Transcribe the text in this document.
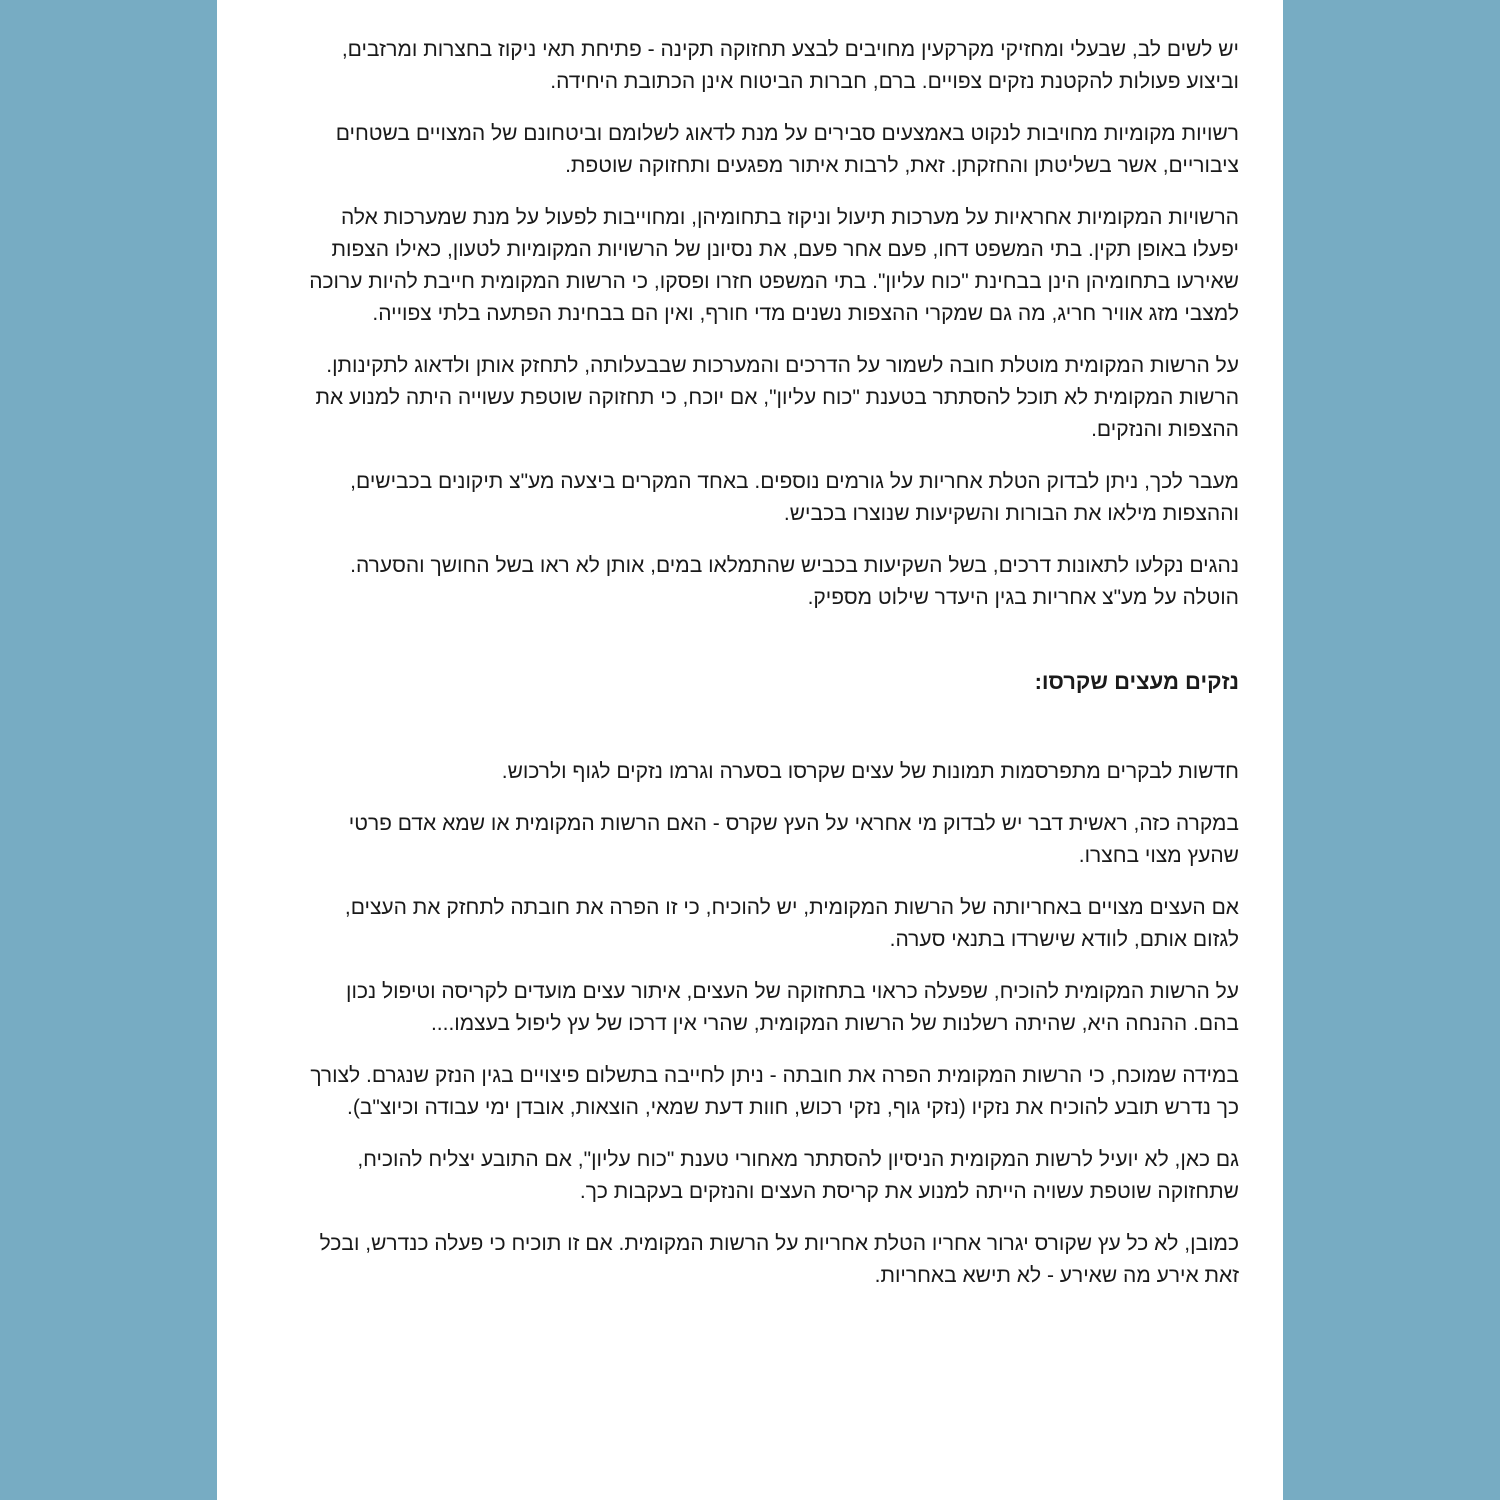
יש לשים לב, שבעלי ומחזיקי מקרקעין מחויבים לבצע תחזוקה תקינה - פתיחת תאי ניקוז בחצרות ומרזבים, וביצוע פעולות להקטנת נזקים צפויים. ברם, חברות הביטוח אינן הכתובת היחידה.

רשויות מקומיות מחויבות לנקוט באמצעים סבירים על מנת לדאוג לשלומם וביטחונם של המצויים בשטחים ציבוריים, אשר בשליטתן והחזקתן. זאת, לרבות איתור מפגעים ותחזוקה שוטפת.

הרשויות המקומיות אחראיות על מערכות תיעול וניקוז בתחומיהן, ומחוייבות לפעול על מנת שמערכות אלה יפעלו באופן תקין. בתי המשפט דחו, פעם אחר פעם, את נסיונן של הרשויות המקומיות לטעון, כאילו הצפות שאירעו בתחומיהן הינן בבחינת "כוח עליון". בתי המשפט חזרו ופסקו, כי הרשות המקומית חייבת להיות ערוכה למצבי מזג אוויר חריג, מה גם שמקרי ההצפות נשנים מדי חורף, ואין הם בבחינת הפתעה בלתי צפוייה.

על הרשות המקומית מוטלת חובה לשמור על הדרכים והמערכות שבבעלותה, לתחזק אותן ולדאוג לתקינותן. הרשות המקומית לא תוכל להסתתר בטענת "כוח עליון", אם יוכח, כי תחזוקה שוטפת עשוייה היתה למנוע את ההצפות והנזקים.

מעבר לכך, ניתן לבדוק הטלת אחריות על גורמים נוספים. באחד המקרים ביצעה מע"צ תיקונים בכבישים, וההצפות מילאו את הבורות והשקיעות שנוצרו בכביש.

נהגים נקלעו לתאונות דרכים, בשל השקיעות בכביש שהתמלאו במים, אותן לא ראו בשל החושך והסערה. הוטלה על מע"צ אחריות בגין היעדר שילוט מספיק.

נזקים מעצים שקרסו:

חדשות לבקרים מתפרסמות תמונות של עצים שקרסו בסערה וגרמו נזקים לגוף ולרכוש.

במקרה כזה, ראשית דבר יש לבדוק מי אחראי על העץ שקרס - האם הרשות המקומית או שמא אדם פרטי שהעץ מצוי בחצרו.

אם העצים מצויים באחריותה של הרשות המקומית, יש להוכיח, כי זו הפרה את חובתה לתחזק את העצים, לגזום אותם, לוודא שישרדו בתנאי סערה.

על הרשות המקומית להוכיח, שפעלה כראוי בתחזוקה של העצים, איתור עצים מועדים לקריסה וטיפול נכון בהם. ההנחה היא, שהיתה רשלנות של הרשות המקומית, שהרי אין דרכו של עץ ליפול בעצמו....

במידה שמוכח, כי הרשות המקומית הפרה את חובתה - ניתן לחייבה בתשלום פיצויים בגין הנזק שנגרם. לצורך כך נדרש תובע להוכיח את נזקיו (נזקי גוף, נזקי רכוש, חוות דעת שמאי, הוצאות, אובדן ימי עבודה וכיוצ"ב).

גם כאן, לא יועיל לרשות המקומית הניסיון להסתתר מאחורי טענת "כוח עליון", אם התובע יצליח להוכיח, שתחזוקה שוטפת עשויה הייתה למנוע את קריסת העצים והנזקים בעקבות כך.

כמובן, לא כל עץ שקורס יגרור אחריו הטלת אחריות על הרשות המקומית. אם זו תוכיח כי פעלה כנדרש, ובכל זאת אירע מה שאירע - לא תישא באחריות.
